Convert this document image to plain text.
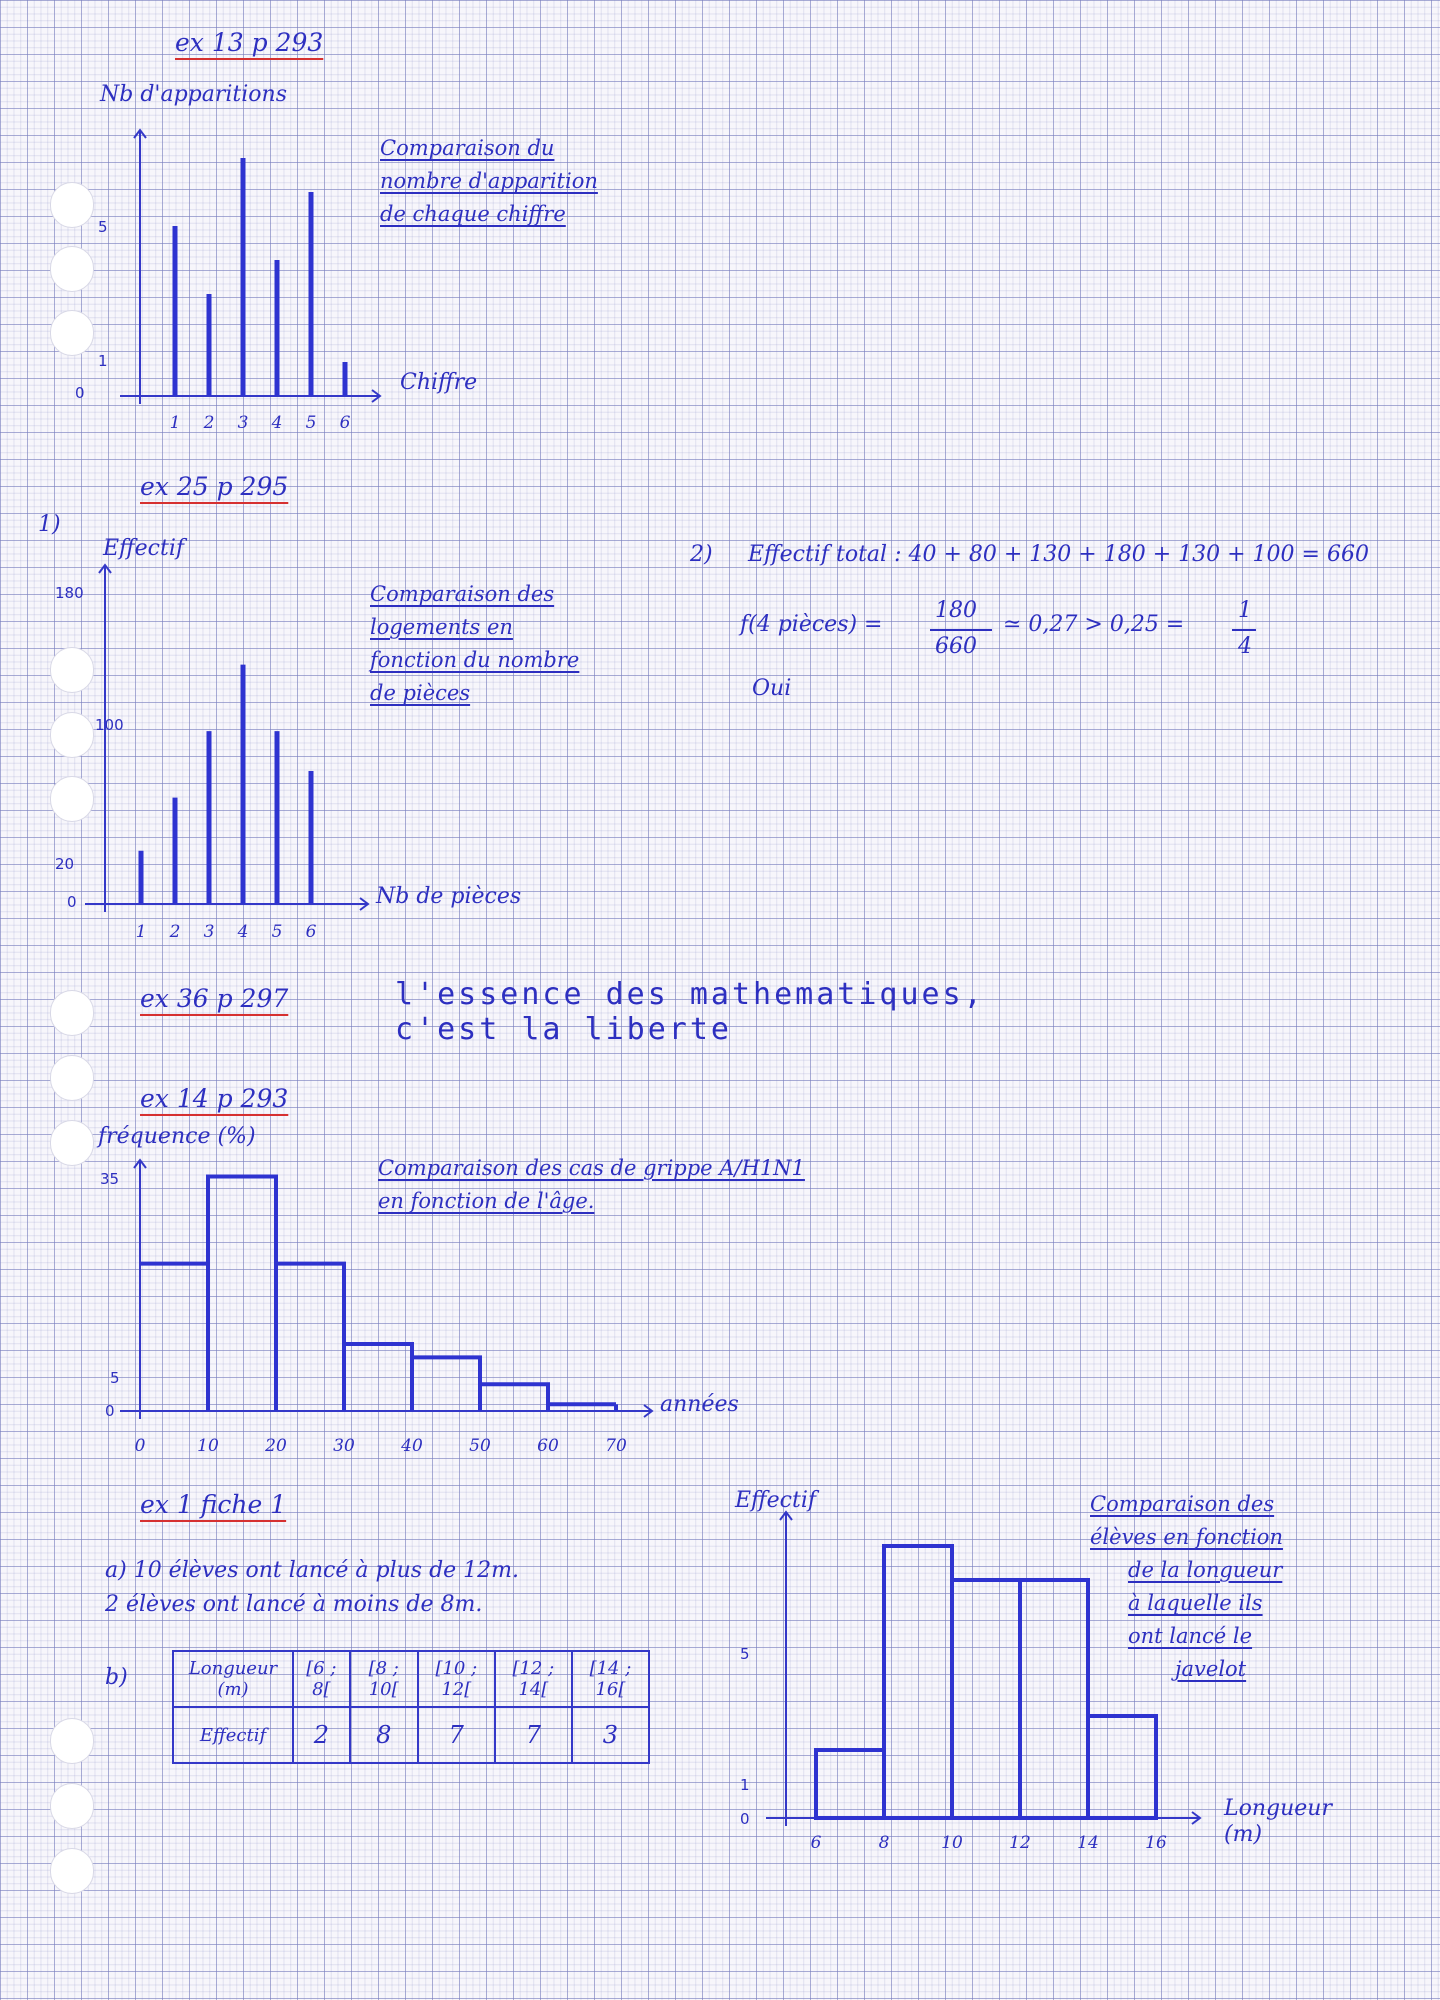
ex 13 p 293
Nb d'apparitions
Comparaison du
nombre d'apparition
de chaque chiffre
Chiffre
0
1
5
1 2 3 4 5 6
ex 25 p 295
1)
Effectif
Comparaison des
logements en
fonction du nombre
de pièces
Nb de pièces
0
20
100
180
1 2 3 4 5 6
2) Effectif total : 40 + 80 + 130 + 180 + 130 + 100 = 660
f(4 pièces) =
180
660
≃ 0,27 > 0,25 =
1
4
Oui
ex 36 p 297	l'essence des mathematiques,
c'est la liberte
ex 14 p 293
fréquence (%)
Comparaison des cas de grippe A/H1N1
en fonction de l'âge.
années
0
5
35
0	10	20	30	40	50	60	70
ex 1 fiche 1
a) 10 élèves ont lancé à plus de 12m.
2 élèves ont lancé à moins de 8m.
b)	Longueur (m)	[6 ; 8[	[8 ; 10[	[10 ; 12[	[12 ; 14[	[14 ; 16[
Effectif	2	8	7	7	3
Effectif	Comparaison des
élèves en fonction
de la longueur
à laquelle ils
ont lancé le
javelot
Longueur (m)
0
1
5
6	8	10	12	14	16
